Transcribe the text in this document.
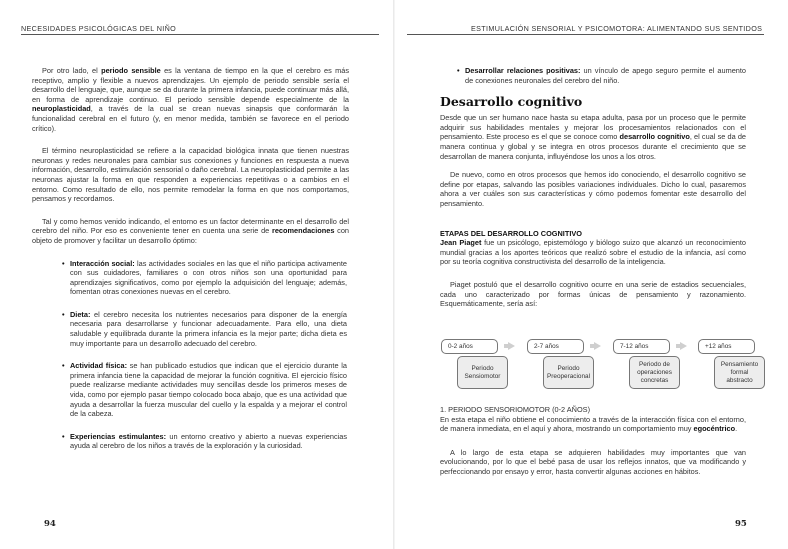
NECESIDADES PSICOLÓGICAS DEL NIÑO

Por otro lado, el periodo sensible es la ventana de tiempo en la que el cerebro es más receptivo, amplio y flexible a nuevos aprendizajes. Un ejemplo de periodo sensible sería el desarrollo del lenguaje, que, aunque se da durante la primera infancia, puede continuar más allá, en forma de aprendizaje continuo. El periodo sensible depende especialmente de la neuroplasticidad, a través de la cual se crean nuevas sinapsis que conformarán la funcionalidad cerebral en el futuro (y, en menor medida, también se favorece en el periodo crítico).

El término neuroplasticidad se refiere a la capacidad biológica innata que tienen nuestras neuronas y redes neuronales para cambiar sus conexiones y funciones en respuesta a nueva información, desarrollo, estimulación sensorial o daño cerebral. La neuroplasticidad permite a las neuronas ajustar la forma en que responden a experiencias repetitivas o a cambios en el entorno. Como resultado de ello, nos permite remodelar la forma en que nos comportamos, pensamos y recordamos.

Tal y como hemos venido indicando, el entorno es un factor determinante en el desarrollo del cerebro del niño. Por eso es conveniente tener en cuenta una serie de recomendaciones con objeto de promover y facilitar un desarrollo óptimo:

• Interacción social: las actividades sociales en las que el niño participa activamente con sus cuidadores, familiares o con otros niños son una oportunidad para aprendizajes significativos, como por ejemplo la adquisición del lenguaje; además, fomentan otras conexiones nuevas en el cerebro.
• Dieta: el cerebro necesita los nutrientes necesarios para disponer de la energía necesaria para desarrollarse y funcionar adecuadamente. Para ello, una dieta saludable y equilibrada durante la primera infancia es la mejor parte; dicha dieta es muy importante para un desarrollo adecuado del cerebro.
• Actividad física: se han publicado estudios que indican que el ejercicio durante la primera infancia tiene la capacidad de mejorar la función cognitiva. El ejercicio físico puede realizarse mediante actividades muy sencillas desde los primeros meses de vida, como por ejemplo pasar tiempo colocado boca abajo, que es una actividad que ayuda a desarrollar la fuerza muscular del cuello y la espalda y a mejorar el control de la cabeza.
• Experiencias estimulantes: un entorno creativo y abierto a nuevas experiencias ayuda al cerebro de los niños a través de la exploración y la curiosidad.
94
ESTIMULACIÓN SENSORIAL Y PSICOMOTORA: ALIMENTANDO SUS SENTIDOS
• Desarrollar relaciones positivas: un vínculo de apego seguro permite el aumento de conexiones neuronales del cerebro del niño.
Desarrollo cognitivo

Desde que un ser humano nace hasta su etapa adulta, pasa por un proceso que le permite adquirir sus habilidades mentales y mejorar los procesamientos relacionados con el pensamiento. Este proceso es el que se conoce como desarrollo cognitivo, el cual se da de manera continua y global y se integra en otros procesos durante el crecimiento que se desarrollan de manera conjunta, influyéndose los unos a los otros.

De nuevo, como en otros procesos que hemos ido conociendo, el desarrollo cognitivo se define por etapas, salvando las posibles variaciones individuales. Dicho lo cual, pasaremos ahora a ver cuáles son sus características y cómo podemos fomentar este desarrollo del pensamiento.

ETAPAS DEL DESARROLLO COGNITIVO

Jean Piaget fue un psicólogo, epistemólogo y biólogo suizo que alcanzó un reconocimiento mundial gracias a los aportes teóricos que realizó sobre el estudio de la infancia, así como por su teoría cognitiva constructivista del desarrollo de la inteligencia.

Piaget postuló que el desarrollo cognitivo ocurre en una serie de estadios secuenciales, cada uno caracterizado por formas únicas de pensamiento y razonamiento. Esquemáticamente, sería así:

1. PERIODO SENSORIOMOTOR (0-2 AÑOS)

En esta etapa el niño obtiene el conocimiento a través de la interacción física con el entorno, de manera inmediata, en el aquí y ahora, mostrando un comportamiento muy egocéntrico.

A lo largo de esta etapa se adquieren habilidades muy importantes que van evolucionando, por lo que el bebé pasa de usar los reflejos innatos, que va modificando y perfeccionando por ensayo y error, hasta convertir algunas acciones en hábitos.

95
0-2 años
Periodo Sensiomotor
2-7 años
Periodo Preoperacional
7-12 años
Periodo de operaciones concretas
+12 años
Pensamiento formal abstracto
